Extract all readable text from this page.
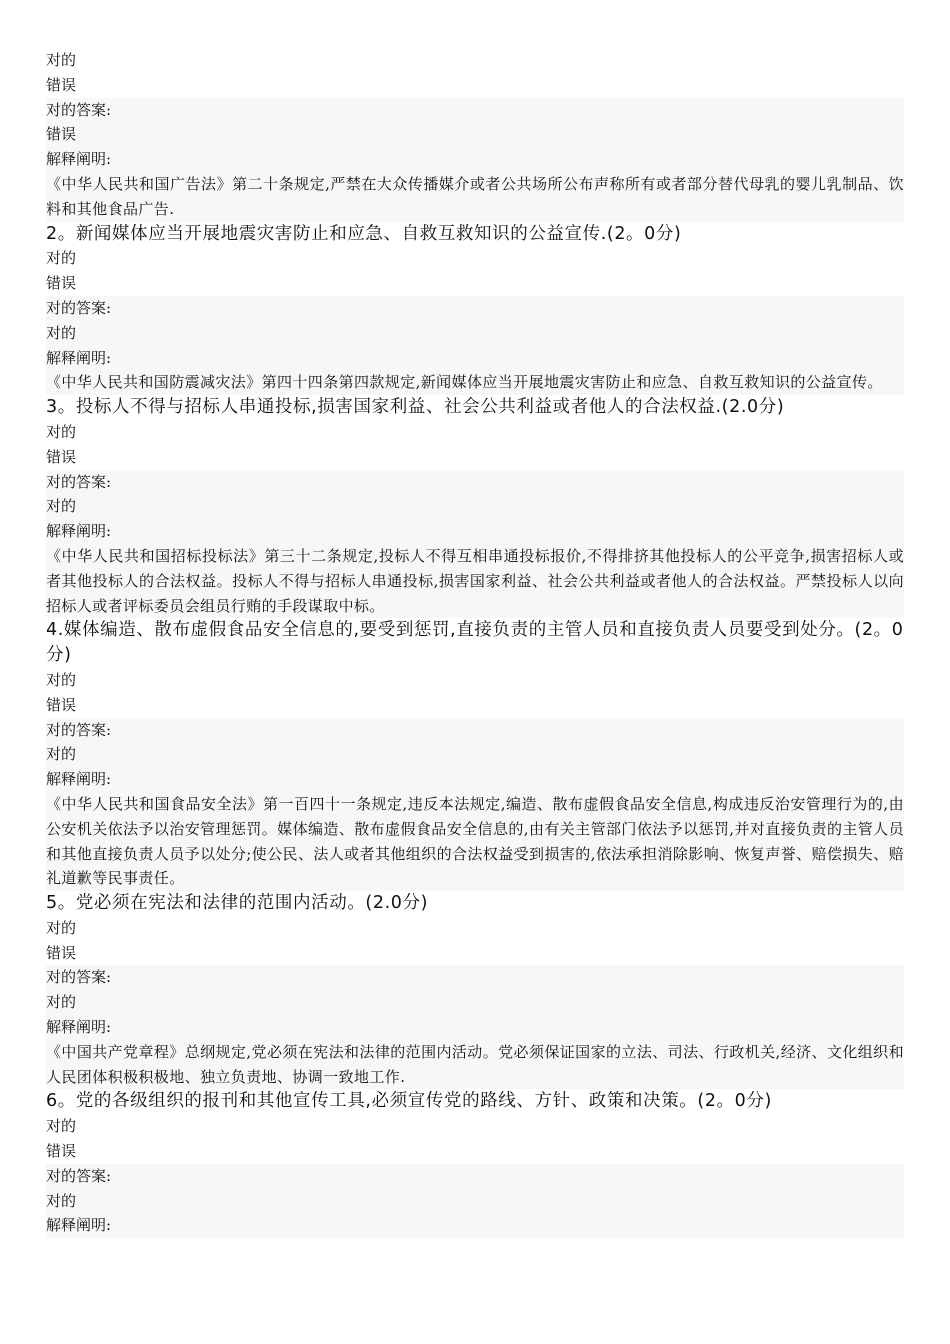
对的
错误
对的答案:
错误
解释阐明:
《中华人民共和国广告法》第二十条规定,严禁在大众传播媒介或者公共场所公布声称所有或者部分替代母乳的婴儿乳制品、饮料和其他食品广告.
2。新闻媒体应当开展地震灾害防止和应急、自救互救知识的公益宣传.(2。0分)
对的
错误
对的答案:
对的
解释阐明:
《中华人民共和国防震减灾法》第四十四条第四款规定,新闻媒体应当开展地震灾害防止和应急、自救互救知识的公益宣传。
3。投标人不得与招标人串通投标,损害国家利益、社会公共利益或者他人的合法权益.(2.0分)
对的
错误
对的答案:
对的
解释阐明:
《中华人民共和国招标投标法》第三十二条规定,投标人不得互相串通投标报价,不得排挤其他投标人的公平竞争,损害招标人或者其他投标人的合法权益。投标人不得与招标人串通投标,损害国家利益、社会公共利益或者他人的合法权益。严禁投标人以向招标人或者评标委员会组员行贿的手段谋取中标。
4.媒体编造、散布虚假食品安全信息的,要受到惩罚,直接负责的主管人员和直接负责人员要受到处分。(2。0分)
对的
错误
对的答案:
对的
解释阐明:
《中华人民共和国食品安全法》第一百四十一条规定,违反本法规定,编造、散布虚假食品安全信息,构成违反治安管理行为的,由公安机关依法予以治安管理惩罚。媒体编造、散布虚假食品安全信息的,由有关主管部门依法予以惩罚,并对直接负责的主管人员和其他直接负责人员予以处分;使公民、法人或者其他组织的合法权益受到损害的,依法承担消除影响、恢复声誉、赔偿损失、赔礼道歉等民事责任。
5。党必须在宪法和法律的范围内活动。(2.0分)
对的
错误
对的答案:
对的
解释阐明:
《中国共产党章程》总纲规定,党必须在宪法和法律的范围内活动。党必须保证国家的立法、司法、行政机关,经济、文化组织和人民团体积极积极地、独立负责地、协调一致地工作.
6。党的各级组织的报刊和其他宣传工具,必须宣传党的路线、方针、政策和决策。(2。0分)
对的
错误
对的答案:
对的
解释阐明:
